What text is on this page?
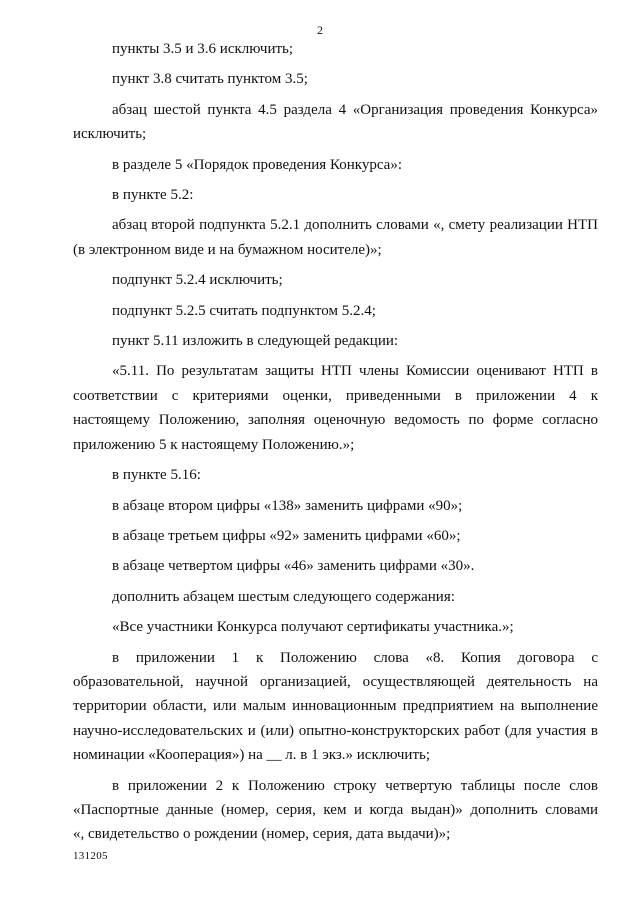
2

пункты 3.5 и 3.6 исключить;

пункт 3.8 считать пунктом 3.5;

абзац шестой пункта 4.5 раздела 4 «Организация проведения Конкурса»
исключить;

в разделе 5 «Порядок проведения Конкурса»:

в пункте 5.2:

абзац второй подпункта 5.2.1 дополнить словами «, смету реализации НТП
(в электронном виде и на бумажном носителе)»;

подпункт 5.2.4 исключить;

подпункт 5.2.5 считать подпунктом 5.2.4;

пункт 5.11 изложить в следующей редакции:

«5.11. По результатам защиты НТП члены Комиссии оценивают НТП в
соответствии с критериями оценки, приведенными в приложении 4 к
настоящему Положению, заполняя оценочную ведомость по форме согласно
приложению 5 к настоящему Положению.»;

в пункте 5.16:

в абзаце втором цифры «138» заменить цифрами «90»;

в абзаце третьем цифры «92» заменить цифрами «60»;

в абзаце четвертом цифры «46» заменить цифрами «30».

дополнить абзацем шестым следующего содержания:

«Все участники Конкурса получают сертификаты участника.»;

в приложении 1 к Положению слова «8. Копия договора с
образовательной, научной организацией, осуществляющей деятельность на
территории области, или малым инновационным предприятием на выполнение
научно-исследовательских и (или) опытно-конструкторских работ (для участия в
номинации «Кооперация») на __ л. в 1 экз.» исключить;

в приложении 2 к Положению строку четвертую таблицы после слов
«Паспортные данные (номер, серия, кем и когда выдан)» дополнить словами
«, свидетельство о рождении (номер, серия, дата выдачи)»;

131205
